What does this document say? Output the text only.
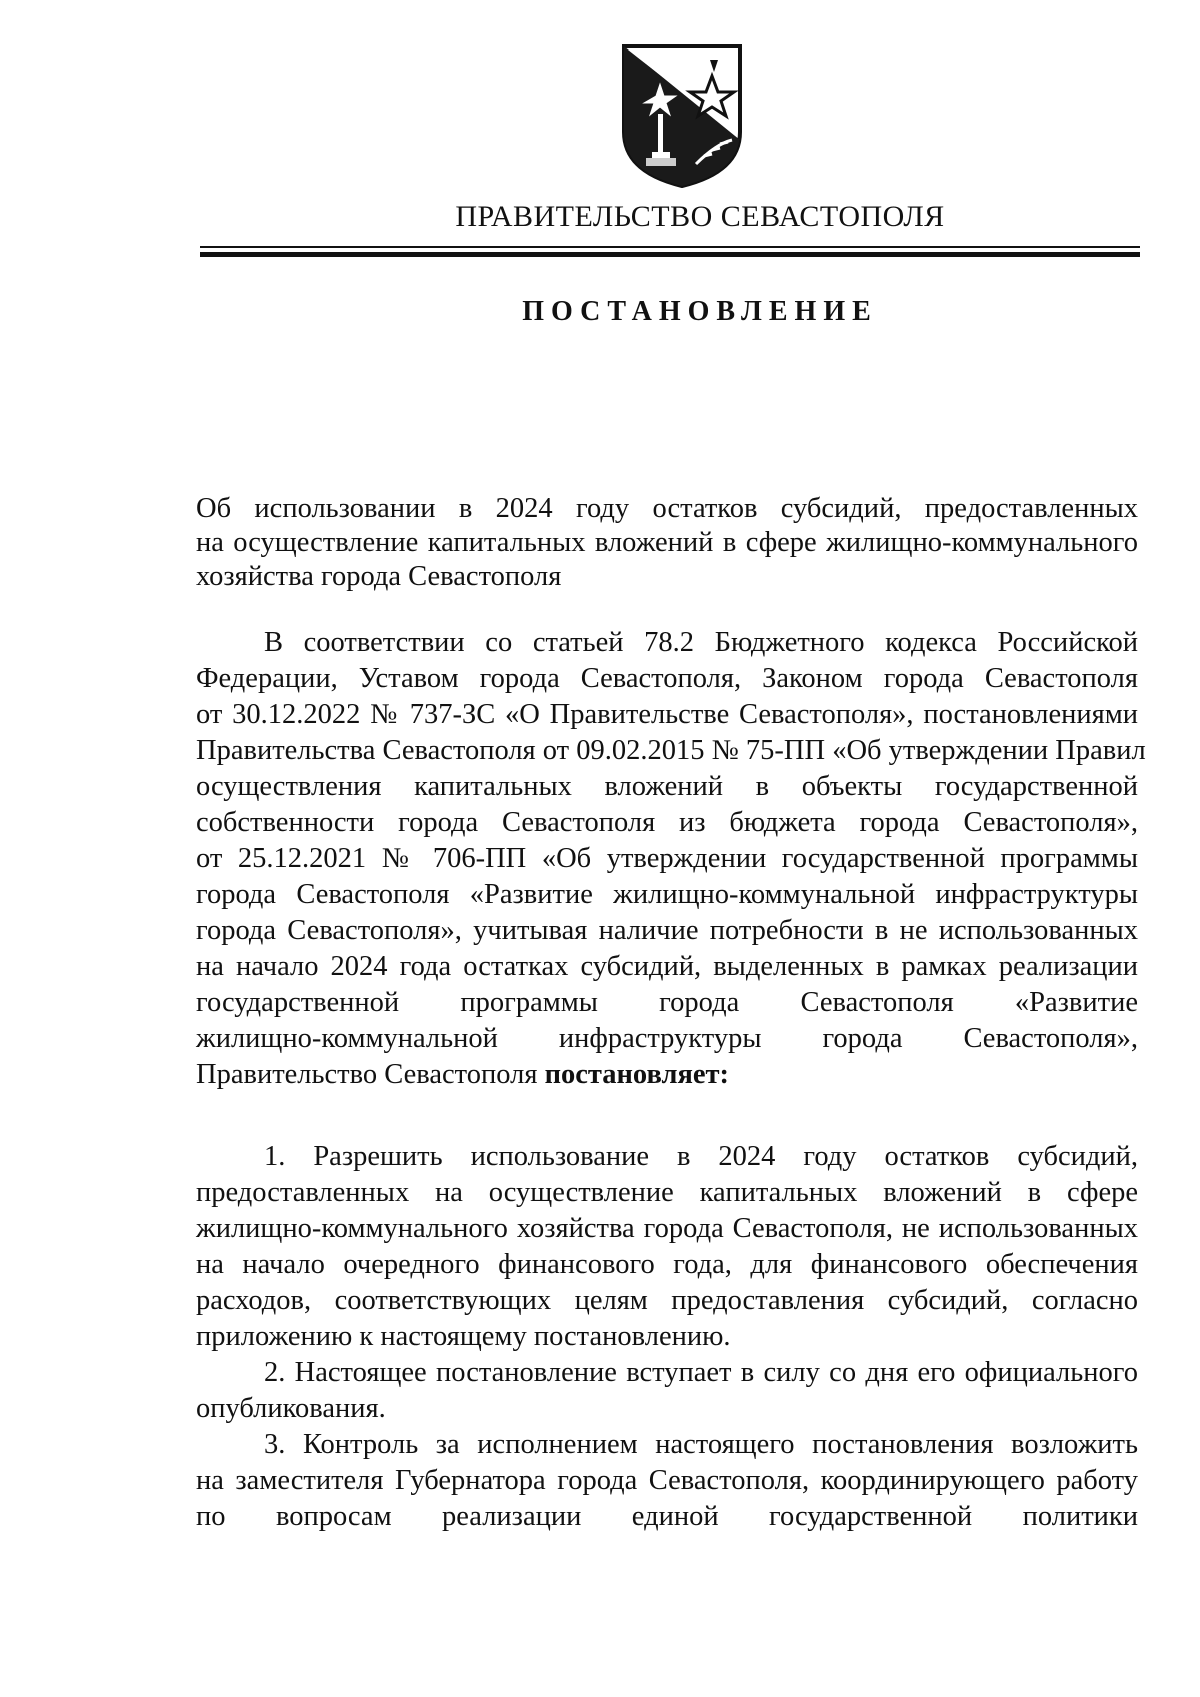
ПРАВИТЕЛЬСТВО СЕВАСТОПОЛЯ
ПОСТАНОВЛЕНИЕ
Об использовании в 2024 году остатков субсидий, предоставленных
на осуществление капитальных вложений в сфере жилищно-коммунального
хозяйства города Севастополя
В соответствии со статьей 78.2 Бюджетного кодекса Российской
Федерации, Уставом города Севастополя, Законом города Севастополя
от 30.12.2022 № 737-ЗС «О Правительстве Севастополя», постановлениями
Правительства Севастополя от 09.02.2015 № 75-ПП «Об утверждении Правил
осуществления капитальных вложений в объекты государственной
собственности города Севастополя из бюджета города Севастополя»,
от 25.12.2021 № 706-ПП «Об утверждении государственной программы
города Севастополя «Развитие жилищно-коммунальной инфраструктуры
города Севастополя», учитывая наличие потребности в не использованных
на начало 2024 года остатках субсидий, выделенных в рамках реализации
государственной программы города Севастополя «Развитие
жилищно-коммунальной инфраструктуры города Севастополя»,
Правительство Севастополя постановляет:
1. Разрешить использование в 2024 году остатков субсидий,
предоставленных на осуществление капитальных вложений в сфере
жилищно-коммунального хозяйства города Севастополя, не использованных
на начало очередного финансового года, для финансового обеспечения
расходов, соответствующих целям предоставления субсидий, согласно
приложению к настоящему постановлению.
2. Настоящее постановление вступает в силу со дня его официального
опубликования.
3. Контроль за исполнением настоящего постановления возложить
на заместителя Губернатора города Севастополя, координирующего работу
по вопросам реализации единой государственной политики
